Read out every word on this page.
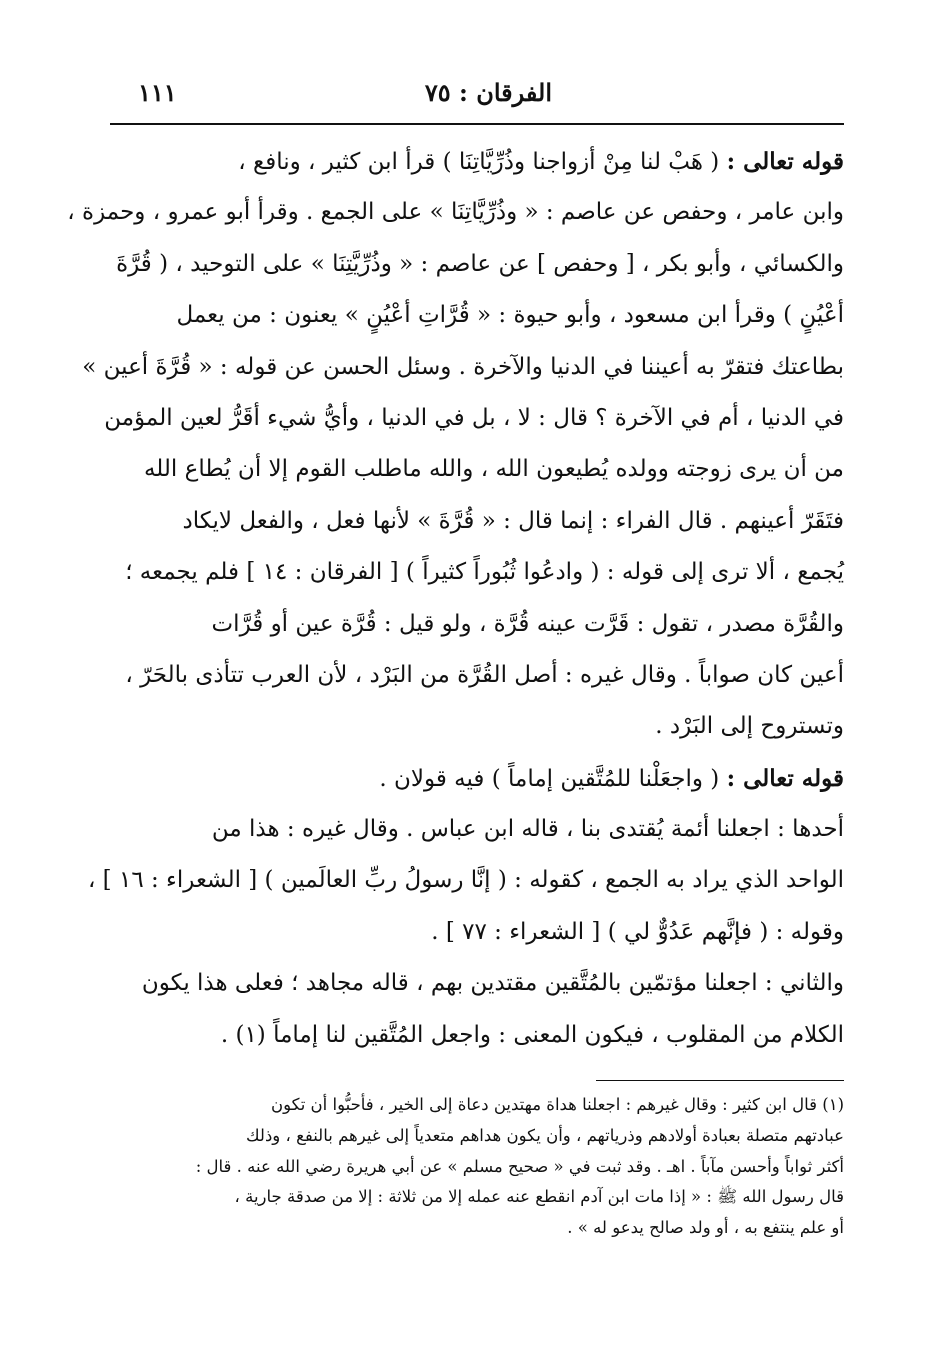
الفرقان : ٧٥
١١١
قوله تعالى : ( هَبْ لنا مِنْ أزواجنا وذُرِّيَّاتِنَا ) قرأ ابن كثير ، ونافع ،
وابن عامر ، وحفص عن عاصم : « وذُرِّيَّاتِنَا » على الجمع . وقرأ أبو عمرو ، وحمزة ،
والكسائي ، وأبو بكر ، [ وحفص ] عن عاصم : « وذُرِّيَّتِنَا » على التوحيد ، ( قُرَّةَ
أعْيُنٍ ) وقرأ ابن مسعود ، وأبو حيوة : « قُرَّاتِ أعْيُنٍ » يعنون : من يعمل
بطاعتك فتقرّ به أعيننا في الدنيا والآخرة . وسئل الحسن عن قوله : « قُرَّةَ أعين »
في الدنيا ، أم في الآخرة ؟ قال : لا ، بل في الدنيا ، وأيُّ شيء أقَرُّ لعين المؤمن
من أن يرى زوجته وولده يُطيعون الله ، والله ماطلب القوم إلا أن يُطاع الله
فتَقَرّ أعينهم . قال الفراء : إنما قال : « قُرَّةَ » لأنها فعل ، والفعل لايكاد
يُجمع ، ألا ترى إلى قوله : ( وادعُوا ثُبُوراً كثيراً ) [ الفرقان : ١٤ ] فلم يجمعه ؛
والقُرَّة مصدر ، تقول : قَرَّت عينه قُرَّة ، ولو قيل : قُرَّة عين أو قُرَّات
أعين كان صواباً . وقال غيره : أصل القُرَّة من البَرْد ، لأن العرب تتأذى بالحَرّ ،
وتستروح إلى البَرْد .
قوله تعالى : ( واجعَلْنا للمُتَّقين إماماً ) فيه قولان .
أحدها : اجعلنا أئمة يُقتدى بنا ، قاله ابن عباس . وقال غيره : هذا من
الواحد الذي يراد به الجمع ، كقوله : ( إنَّا رسولُ ربِّ العالَمين ) [ الشعراء : ١٦ ] ،
وقوله : ( فإنَّهم عَدُوٌّ لي ) [ الشعراء : ٧٧ ] .
والثاني : اجعلنا مؤتمّين بالمُتَّقين مقتدين بهم ، قاله مجاهد ؛ فعلى هذا يكون
الكلام من المقلوب ، فيكون المعنى : واجعل المُتَّقين لنا إماماً (١) .
(١) قال ابن كثير : وقال غيرهم : اجعلنا هداة مهتدين دعاة إلى الخير ، فأحبُّوا أن تكون
عبادتهم متصلة بعبادة أولادهم وذرياتهم ، وأن يكون هداهم متعدياً إلى غيرهم بالنفع ، وذلك
أكثر ثواباً وأحسن مآباً . اهـ . وقد ثبت في « صحيح مسلم » عن أبي هريرة رضي الله عنه . قال :
قال رسول الله ﷺ : « إذا مات ابن آدم انقطع عنه عمله إلا من ثلاثة : إلا من صدقة جارية ،
أو علم ينتفع به ، أو ولد صالح يدعو له » .
